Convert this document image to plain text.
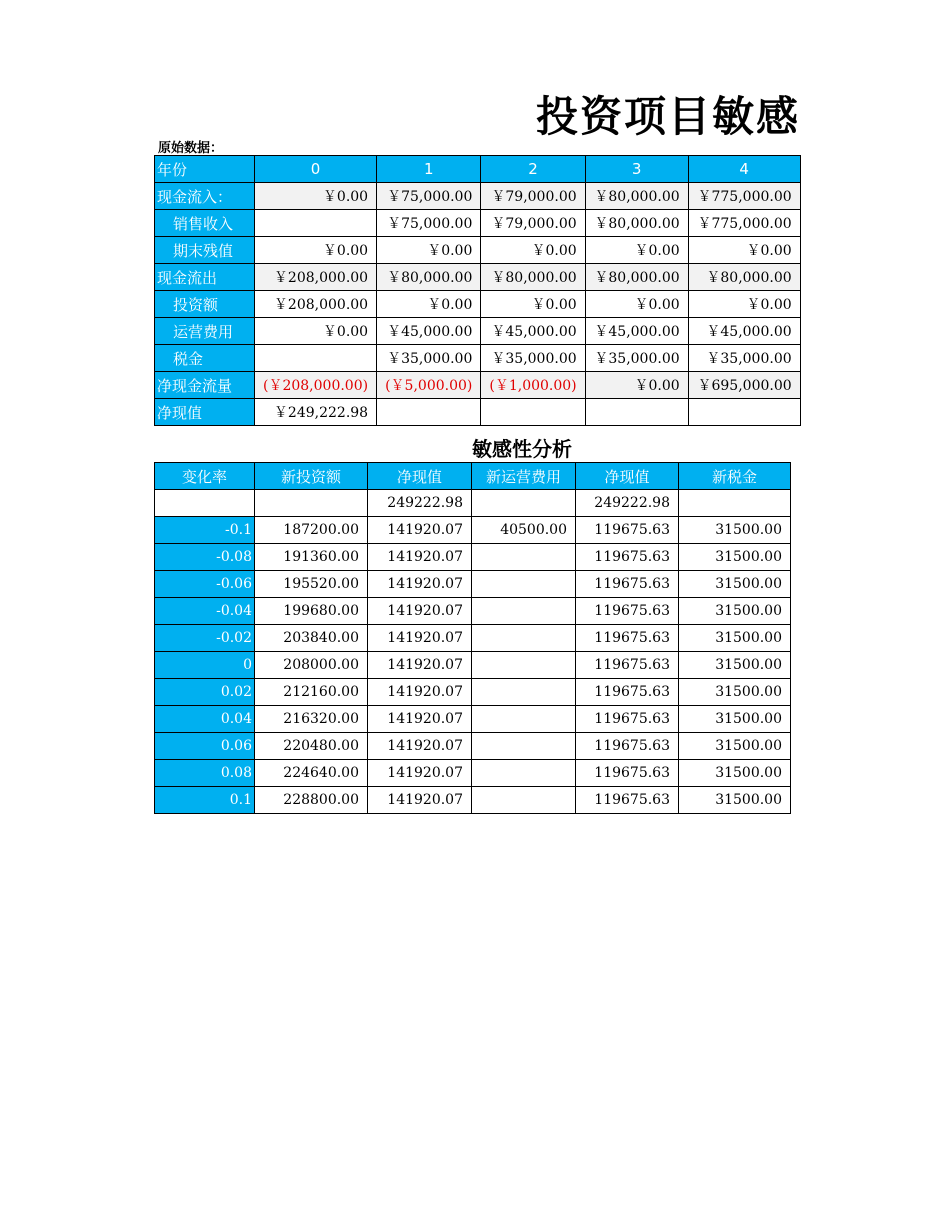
投资项目敏感
原始数据：
年份	0	1	2	3	4
现金流入：	￥0.00	￥75,000.00	￥79,000.00	￥80,000.00	￥775,000.00
销售收入		￥75,000.00	￥79,000.00	￥80,000.00	￥775,000.00
期末残值	￥0.00	￥0.00	￥0.00	￥0.00	￥0.00
现金流出	￥208,000.00	￥80,000.00	￥80,000.00	￥80,000.00	￥80,000.00
投资额	￥208,000.00	￥0.00	￥0.00	￥0.00	￥0.00
运营费用	￥0.00	￥45,000.00	￥45,000.00	￥45,000.00	￥45,000.00
税金		￥35,000.00	￥35,000.00	￥35,000.00	￥35,000.00
净现金流量	(￥208,000.00)	(￥5,000.00)	(￥1,000.00)	￥0.00	￥695,000.00
净现值	￥249,222.98				
敏感性分析
变化率	新投资额	净现值	新运营费用	净现值	新税金
		249222.98		249222.98	
-0.1	187200.00	141920.07	40500.00	119675.63	31500.00
-0.08	191360.00	141920.07		119675.63	31500.00
-0.06	195520.00	141920.07		119675.63	31500.00
-0.04	199680.00	141920.07		119675.63	31500.00
-0.02	203840.00	141920.07		119675.63	31500.00
0	208000.00	141920.07		119675.63	31500.00
0.02	212160.00	141920.07		119675.63	31500.00
0.04	216320.00	141920.07		119675.63	31500.00
0.06	220480.00	141920.07		119675.63	31500.00
0.08	224640.00	141920.07		119675.63	31500.00
0.1	228800.00	141920.07		119675.63	31500.00
